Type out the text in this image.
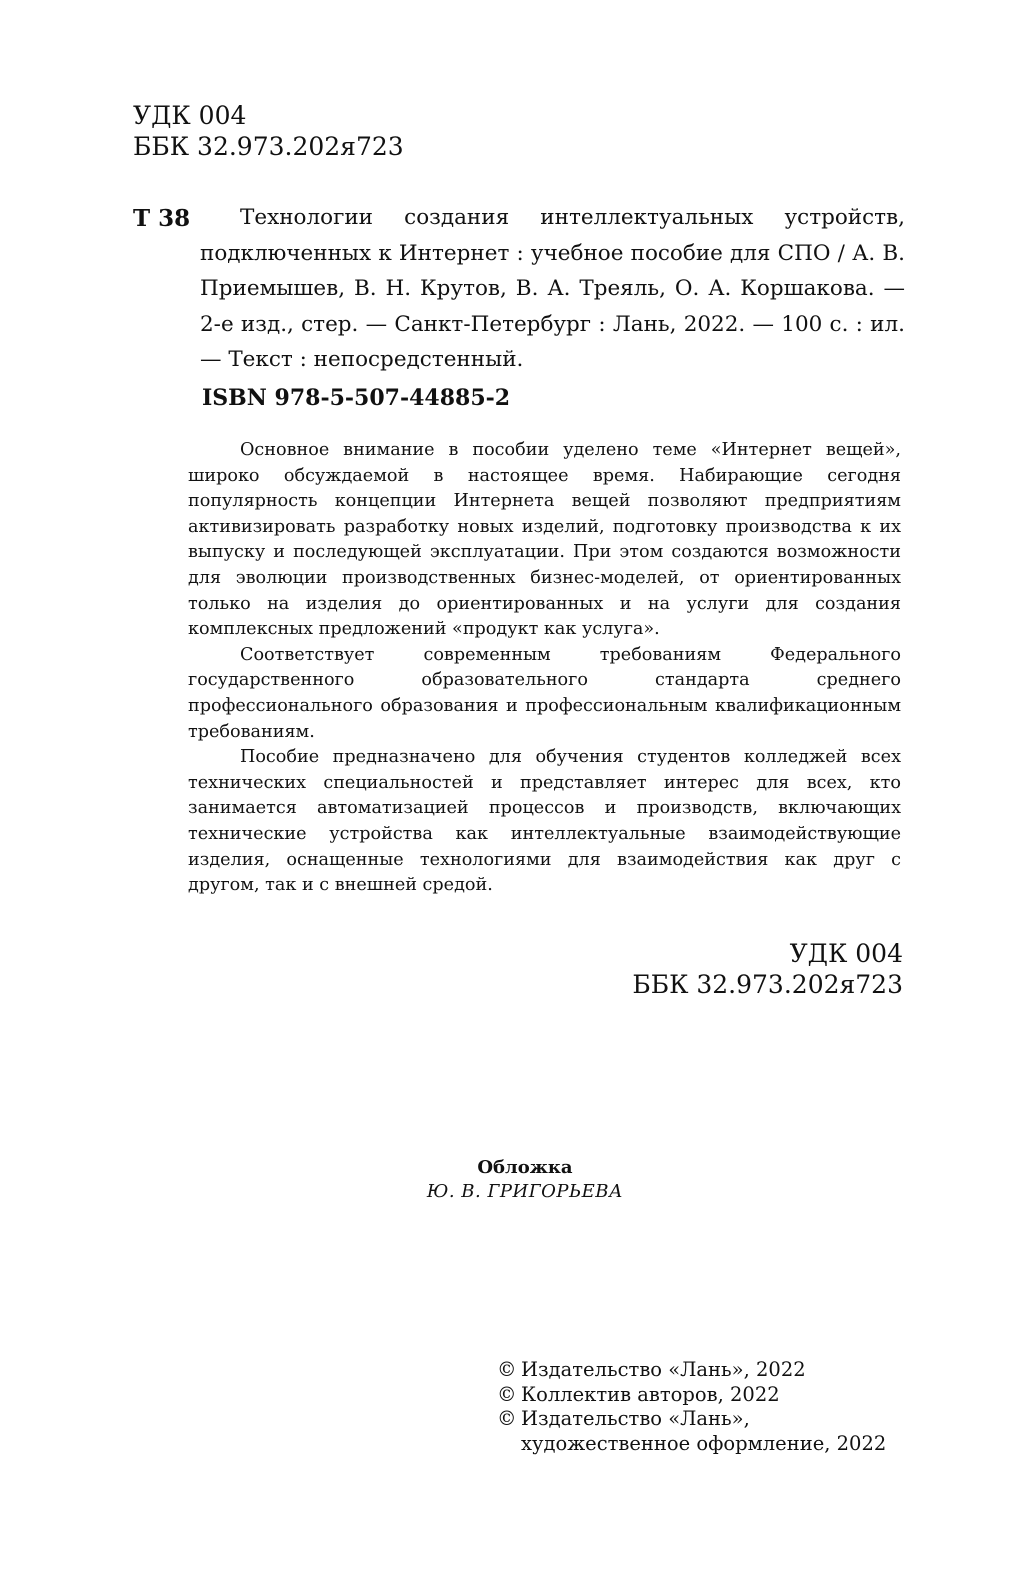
УДК 004
ББК 32.973.202я723
Т 38	Технологии создания интеллектуальных устройств, подключенных к Интернет : учебное пособие для СПО / А. В. Приемышев, В. Н. Крутов, В. А. Треяль, О. А. Коршакова. — 2-е изд., стер. — Санкт-Петербург : Лань, 2022. — 100 с. : ил. — Текст : непосредстенный.
ISBN 978-5-507-44885-2

Основное внимание в пособии уделено теме «Интернет вещей», широко обсуждаемой в настоящее время. Набирающие сегодня популярность концепции Интернета вещей позволяют предприятиям активизировать разработку новых изделий, подготовку производства к их выпуску и последующей эксплуатации. При этом создаются возможности для эволюции производственных бизнес-моделей, от ориентированных только на изделия до ориентированных и на услуги для создания комплексных предложений «продукт как услуга».

Соответствует современным требованиям Федерального государственного образовательного стандарта среднего профессионального образования и профессиональным квалификационным требованиям.

Пособие предназначено для обучения студентов колледжей всех технических специальностей и представляет интерес для всех, кто занимается автоматизацией процессов и производств, включающих технические устройства как интеллектуальные взаимодействующие изделия, оснащенные технологиями для взаимодействия как друг с другом, так и с внешней средой.

УДК 004
ББК 32.973.202я723
Обложка
Ю. В. ГРИГОРЬЕВА
© Издательство «Лань», 2022
© Коллектив авторов, 2022
© Издательство «Лань»,
художественное оформление, 2022
